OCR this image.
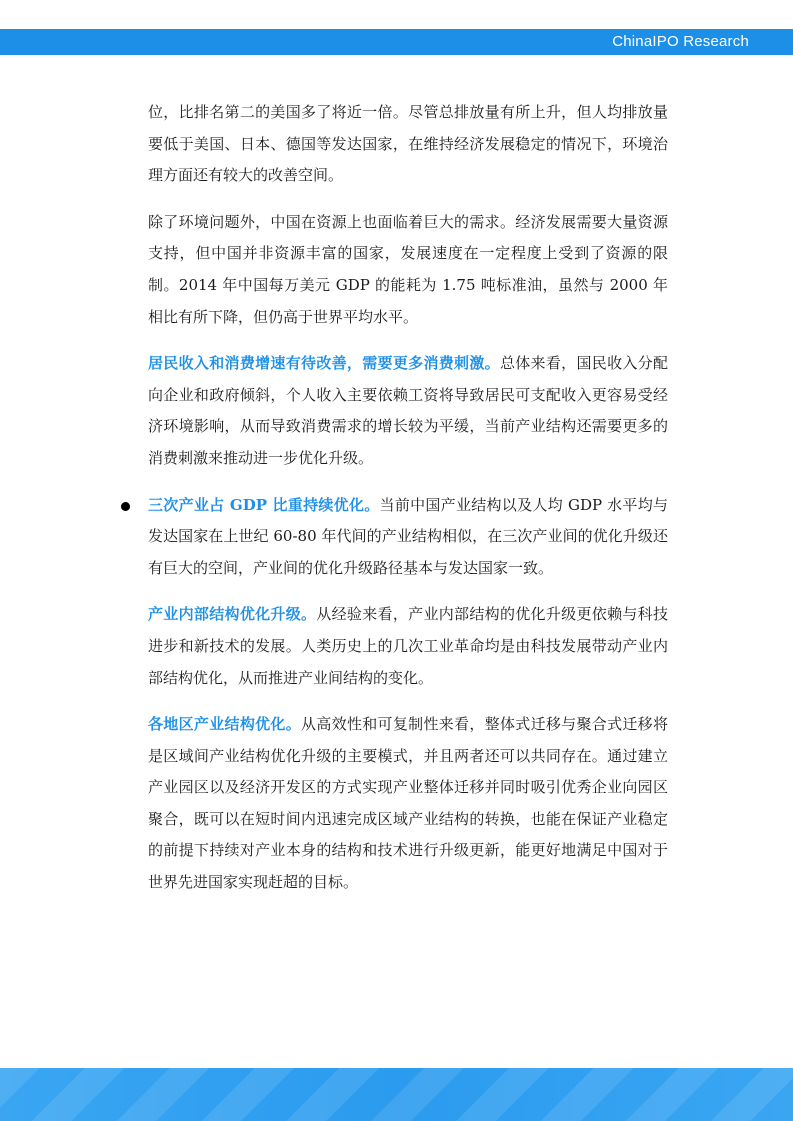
ChinaIPO Research

位，比排名第二的美国多了将近一倍。尽管总排放量有所上升，但人均排放量要低于美国、日本、德国等发达国家，在维持经济发展稳定的情况下，环境治理方面还有较大的改善空间。

除了环境问题外，中国在资源上也面临着巨大的需求。经济发展需要大量资源支持，但中国并非资源丰富的国家，发展速度在一定程度上受到了资源的限制。2014 年中国每万美元 GDP 的能耗为 1.75 吨标准油，虽然与 2000 年相比有所下降，但仍高于世界平均水平。

居民收入和消费增速有待改善，需要更多消费刺激。总体来看，国民收入分配向企业和政府倾斜，个人收入主要依赖工资将导致居民可支配收入更容易受经济环境影响，从而导致消费需求的增长较为平缓，当前产业结构还需要更多的消费刺激来推动进一步优化升级。

三次产业占 GDP 比重持续优化。当前中国产业结构以及人均 GDP 水平均与发达国家在上世纪 60-80 年代间的产业结构相似，在三次产业间的优化升级还有巨大的空间，产业间的优化升级路径基本与发达国家一致。

产业内部结构优化升级。从经验来看，产业内部结构的优化升级更依赖与科技进步和新技术的发展。人类历史上的几次工业革命均是由科技发展带动产业内部结构优化，从而推进产业间结构的变化。

各地区产业结构优化。从高效性和可复制性来看，整体式迁移与聚合式迁移将是区域间产业结构优化升级的主要模式，并且两者还可以共同存在。通过建立产业园区以及经济开发区的方式实现产业整体迁移并同时吸引优秀企业向园区聚合，既可以在短时间内迅速完成区域产业结构的转换，也能在保证产业稳定的前提下持续对产业本身的结构和技术进行升级更新，能更好地满足中国对于世界先进国家实现赶超的目标。
